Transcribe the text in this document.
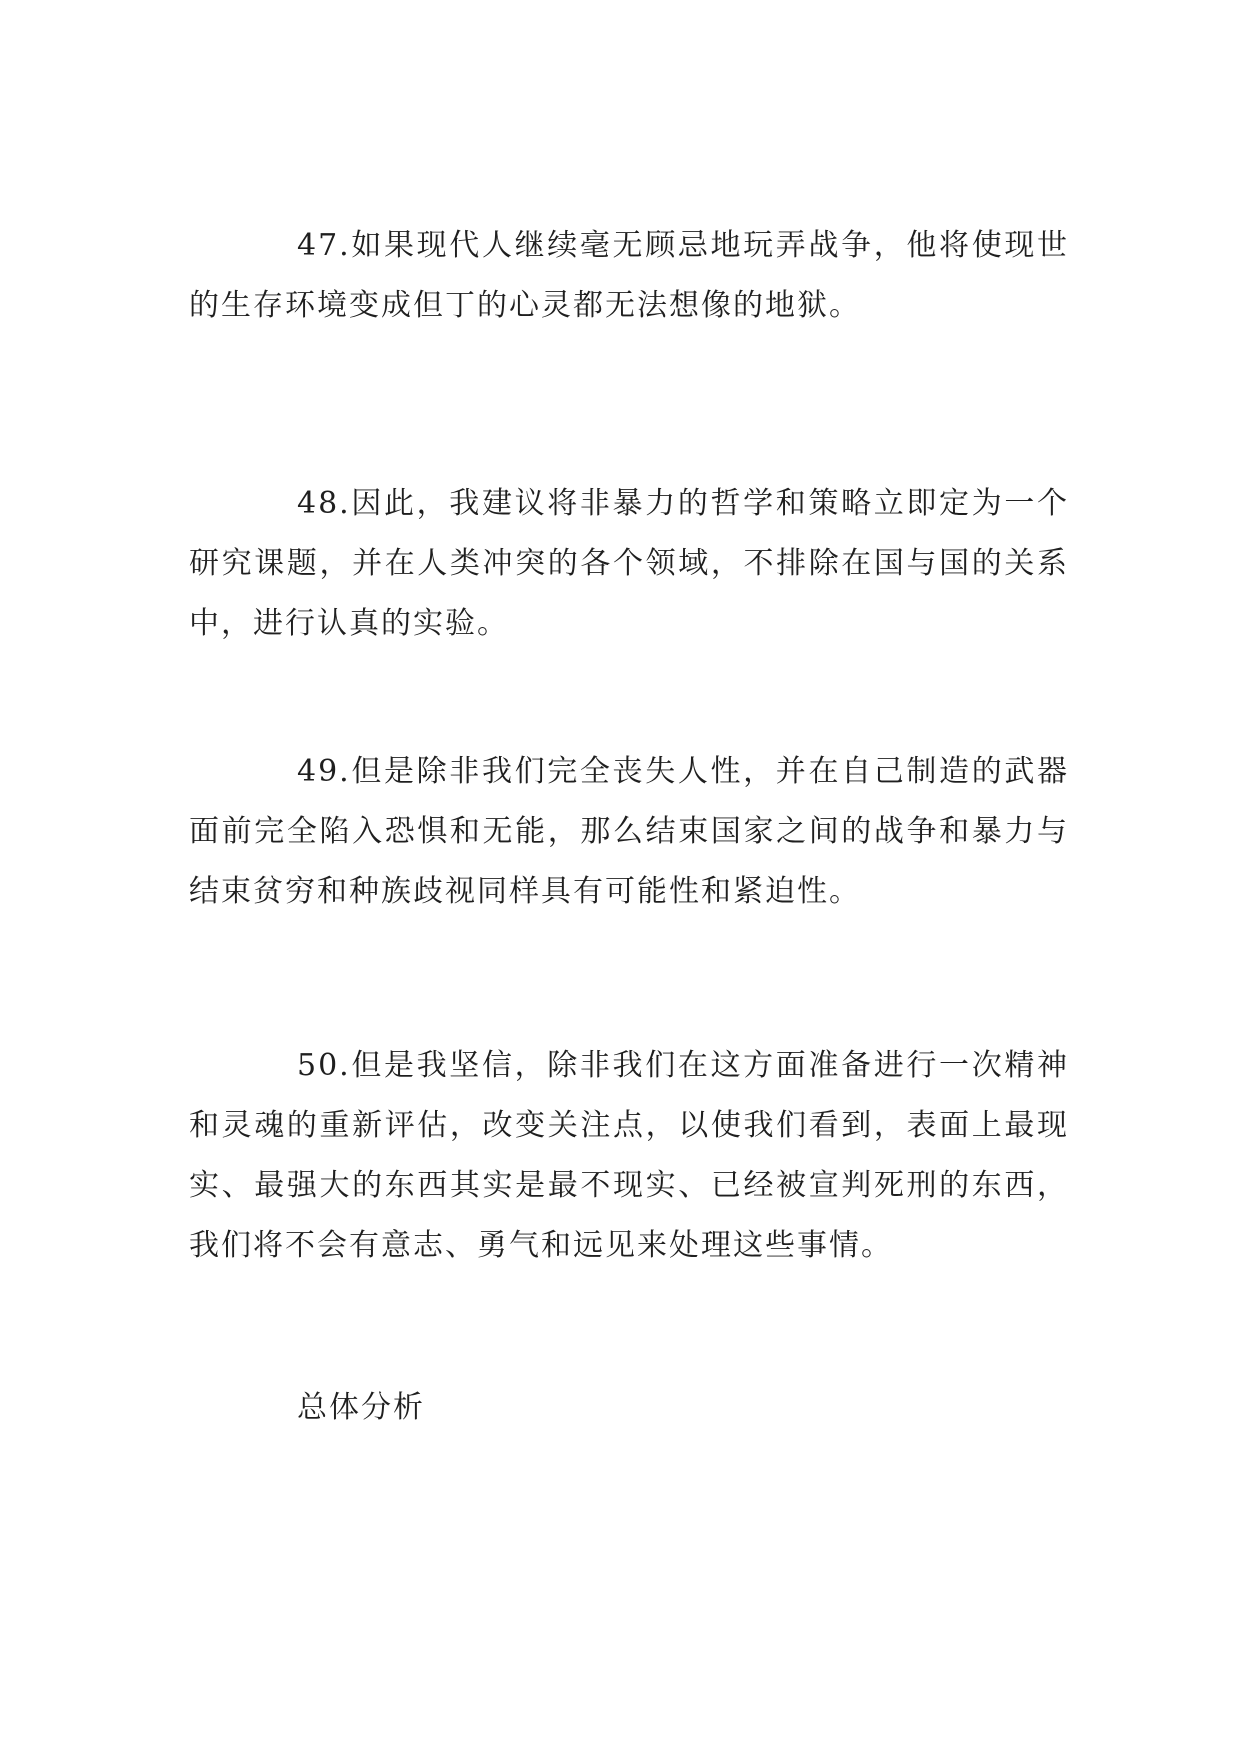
47.如果现代人继续毫无顾忌地玩弄战争，他将使现世的生存环境变成但丁的心灵都无法想像的地狱。

48.因此，我建议将非暴力的哲学和策略立即定为一个研究课题，并在人类冲突的各个领域，不排除在国与国的关系中，进行认真的实验。

49.但是除非我们完全丧失人性，并在自己制造的武器面前完全陷入恐惧和无能，那么结束国家之间的战争和暴力与结束贫穷和种族歧视同样具有可能性和紧迫性。

50.但是我坚信，除非我们在这方面准备进行一次精神和灵魂的重新评估，改变关注点，以使我们看到，表面上最现实、最强大的东西其实是最不现实、已经被宣判死刑的东西，我们将不会有意志、勇气和远见来处理这些事情。

总体分析
